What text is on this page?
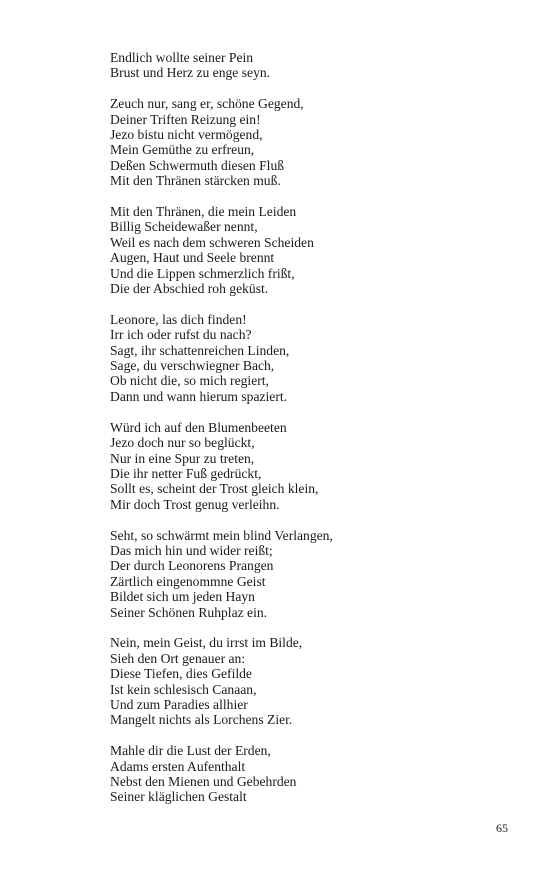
Endlich wollte seiner Pein
Brust und Herz zu enge seyn.
Zeuch nur, sang er, schöne Gegend,
Deiner Triften Reizung ein!
Jezo bistu nicht vermögend,
Mein Gemüthe zu erfreun,
Deßen Schwermuth diesen Fluß
Mit den Thränen stärcken muß.
Mit den Thränen, die mein Leiden
Billig Scheidewaßer nennt,
Weil es nach dem schweren Scheiden
Augen, Haut und Seele brennt
Und die Lippen schmerzlich frißt,
Die der Abschied roh geküst.
Leonore, las dich finden!
Irr ich oder rufst du nach?
Sagt, ihr schattenreichen Linden,
Sage, du verschwiegner Bach,
Ob nicht die, so mich regiert,
Dann und wann hierum spaziert.
Würd ich auf den Blumenbeeten
Jezo doch nur so beglückt,
Nur in eine Spur zu treten,
Die ihr netter Fuß gedrückt,
Sollt es, scheint der Trost gleich klein,
Mir doch Trost genug verleihn.
Seht, so schwärmt mein blind Verlangen,
Das mich hin und wider reißt;
Der durch Leonorens Prangen
Zärtlich eingenommne Geist
Bildet sich um jeden Hayn
Seiner Schönen Ruhplaz ein.
Nein, mein Geist, du irrst im Bilde,
Sieh den Ort genauer an:
Diese Tiefen, dies Gefilde
Ist kein schlesisch Canaan,
Und zum Paradies allhier
Mangelt nichts als Lorchens Zier.
Mahle dir die Lust der Erden,
Adams ersten Aufenthalt
Nebst den Mienen und Gebehrden
Seiner kläglichen Gestalt
65
